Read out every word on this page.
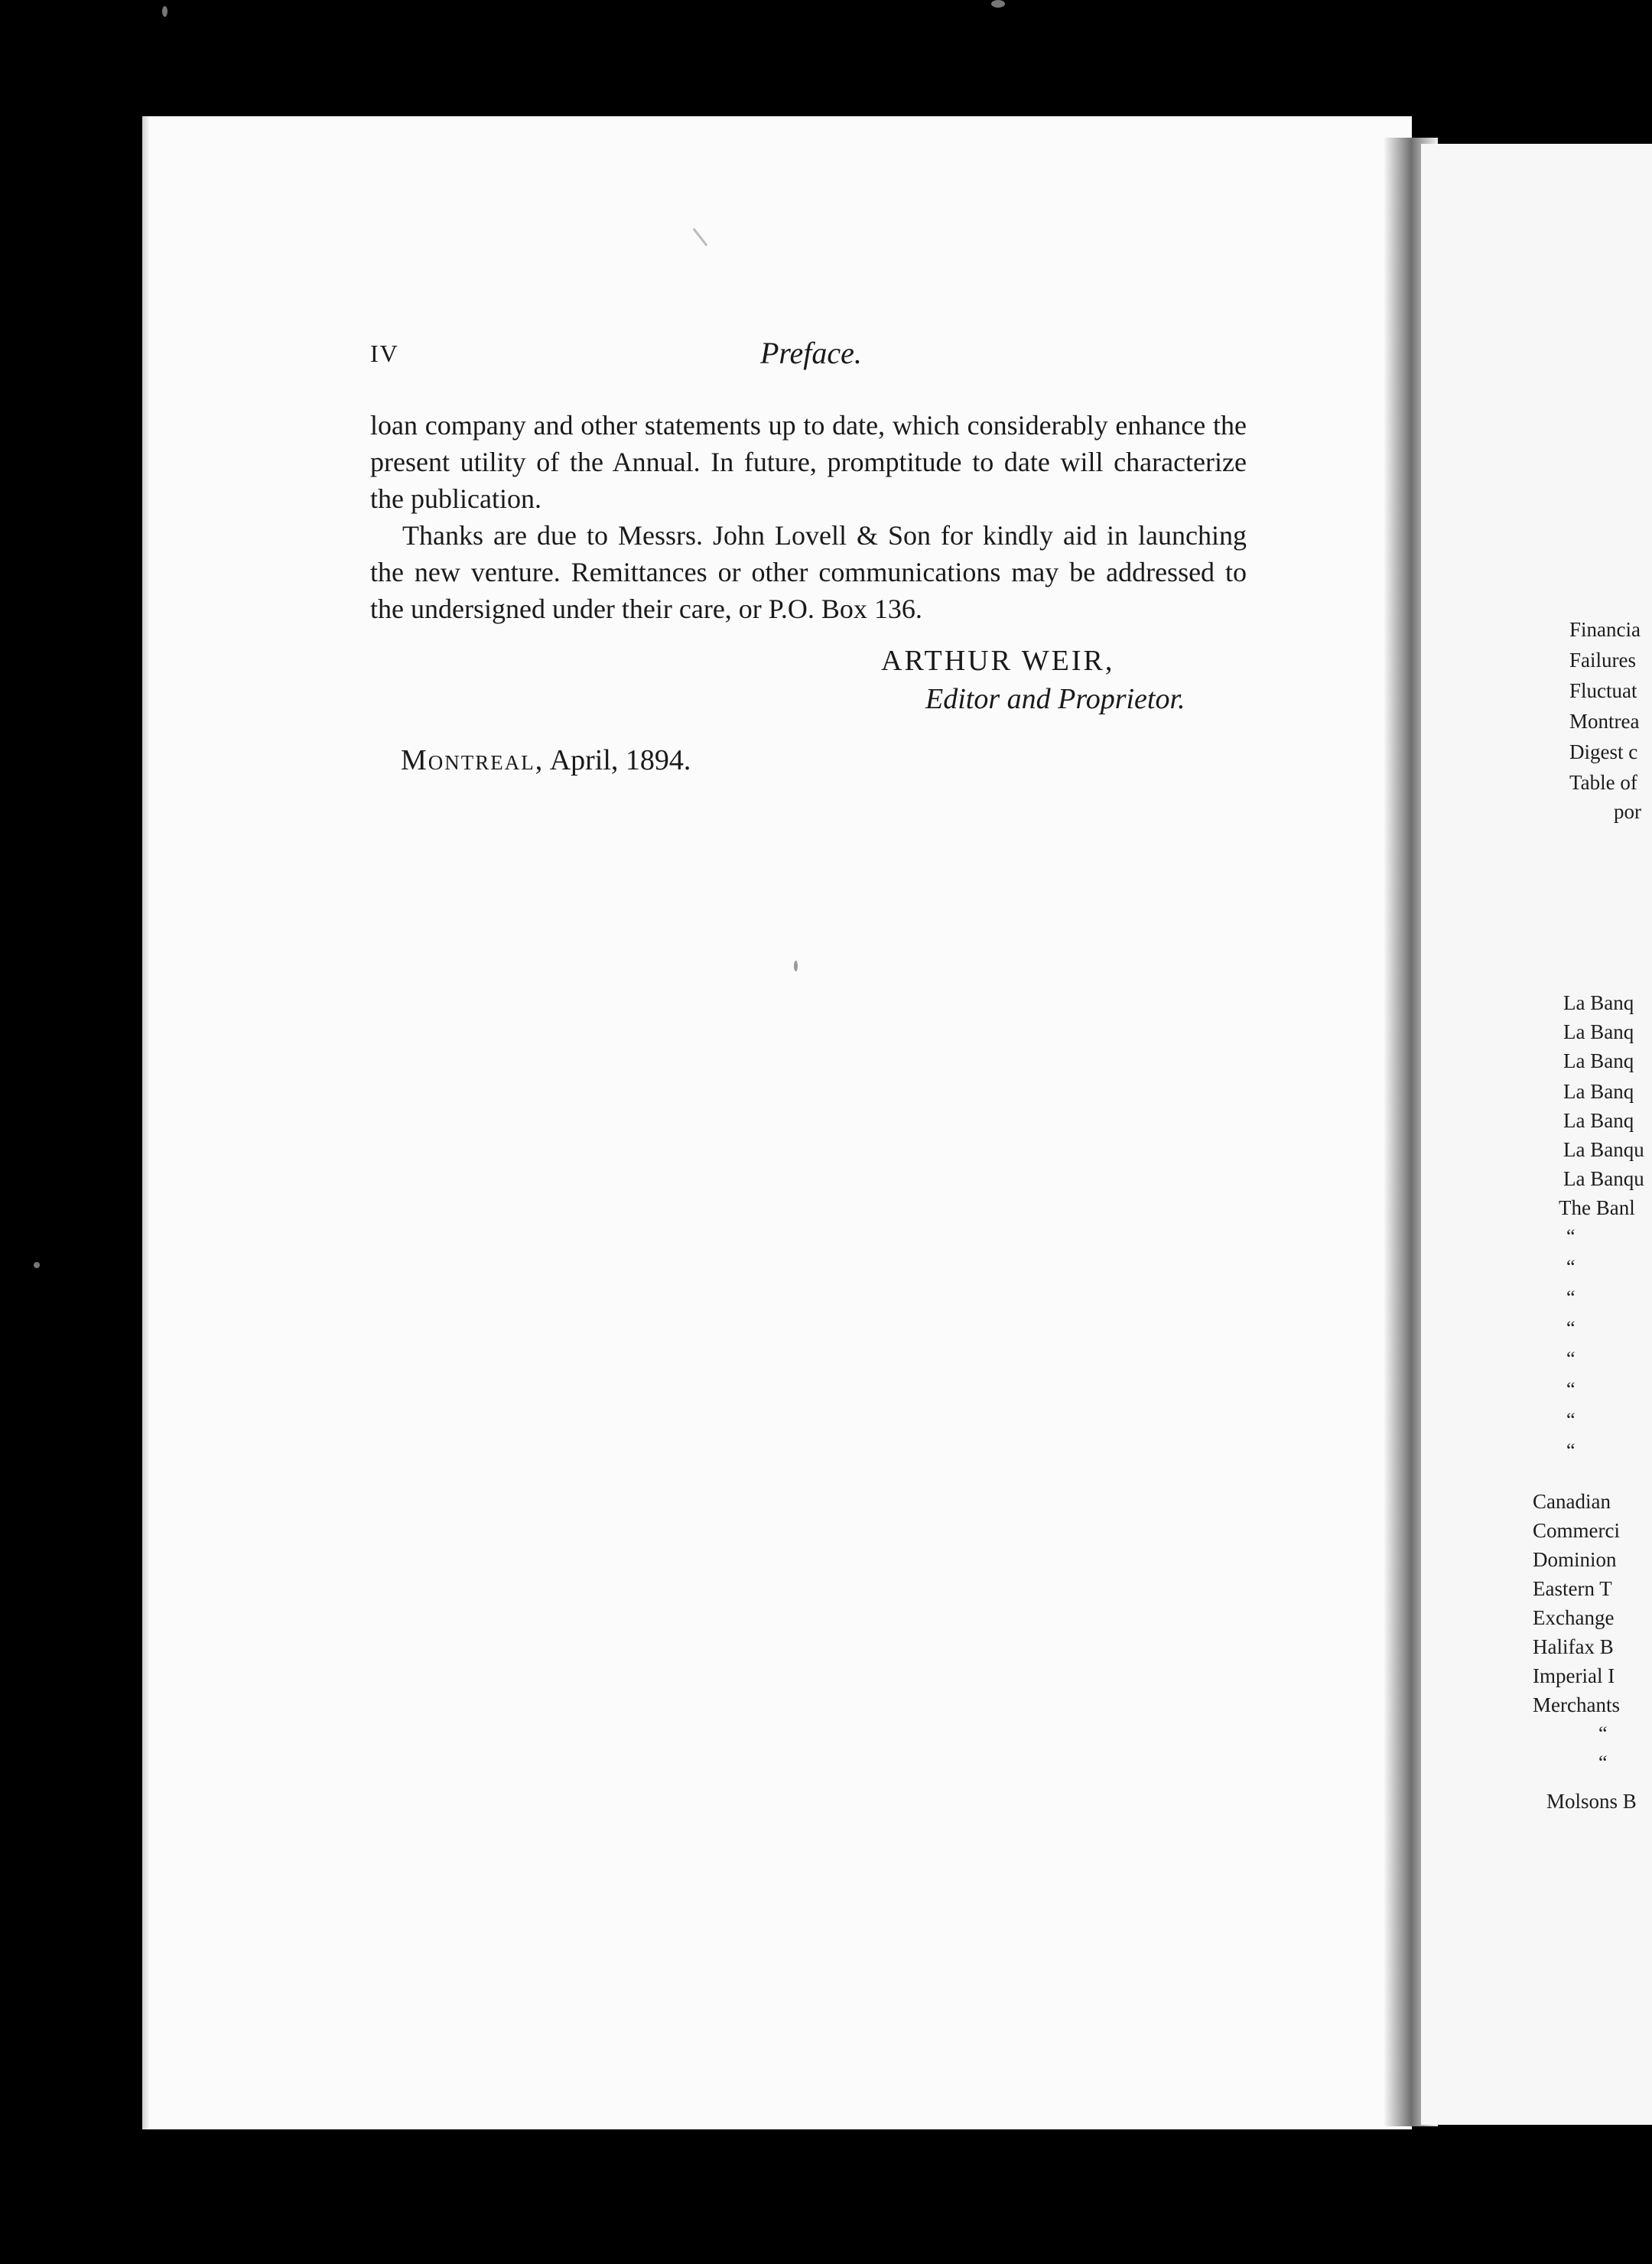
Financia
Failures
Fluctuat
Montrea
Digest c
Table of
por
La Banq
La Banq
La Banq
La Banq
La Banq
La Banqu
La Banqu
The Banl
“
“
“
“
“
“
“
“
Canadian
Commerci
Dominion
Eastern T
Exchange
Halifax B
Imperial I
Merchants
“
“
Molsons B
IV	Preface.

loan company and other statements up to date, which considerably enhance the present utility of the Annual. In future, promptitude to date will characterize the publication.

Thanks are due to Messrs. John Lovell & Son for kindly aid in launching the new venture. Remittances or other communications may be addressed to the undersigned under their care, or P.O. Box 136.

ARTHUR WEIR,
Editor and Proprietor.
Montreal, April, 1894.
